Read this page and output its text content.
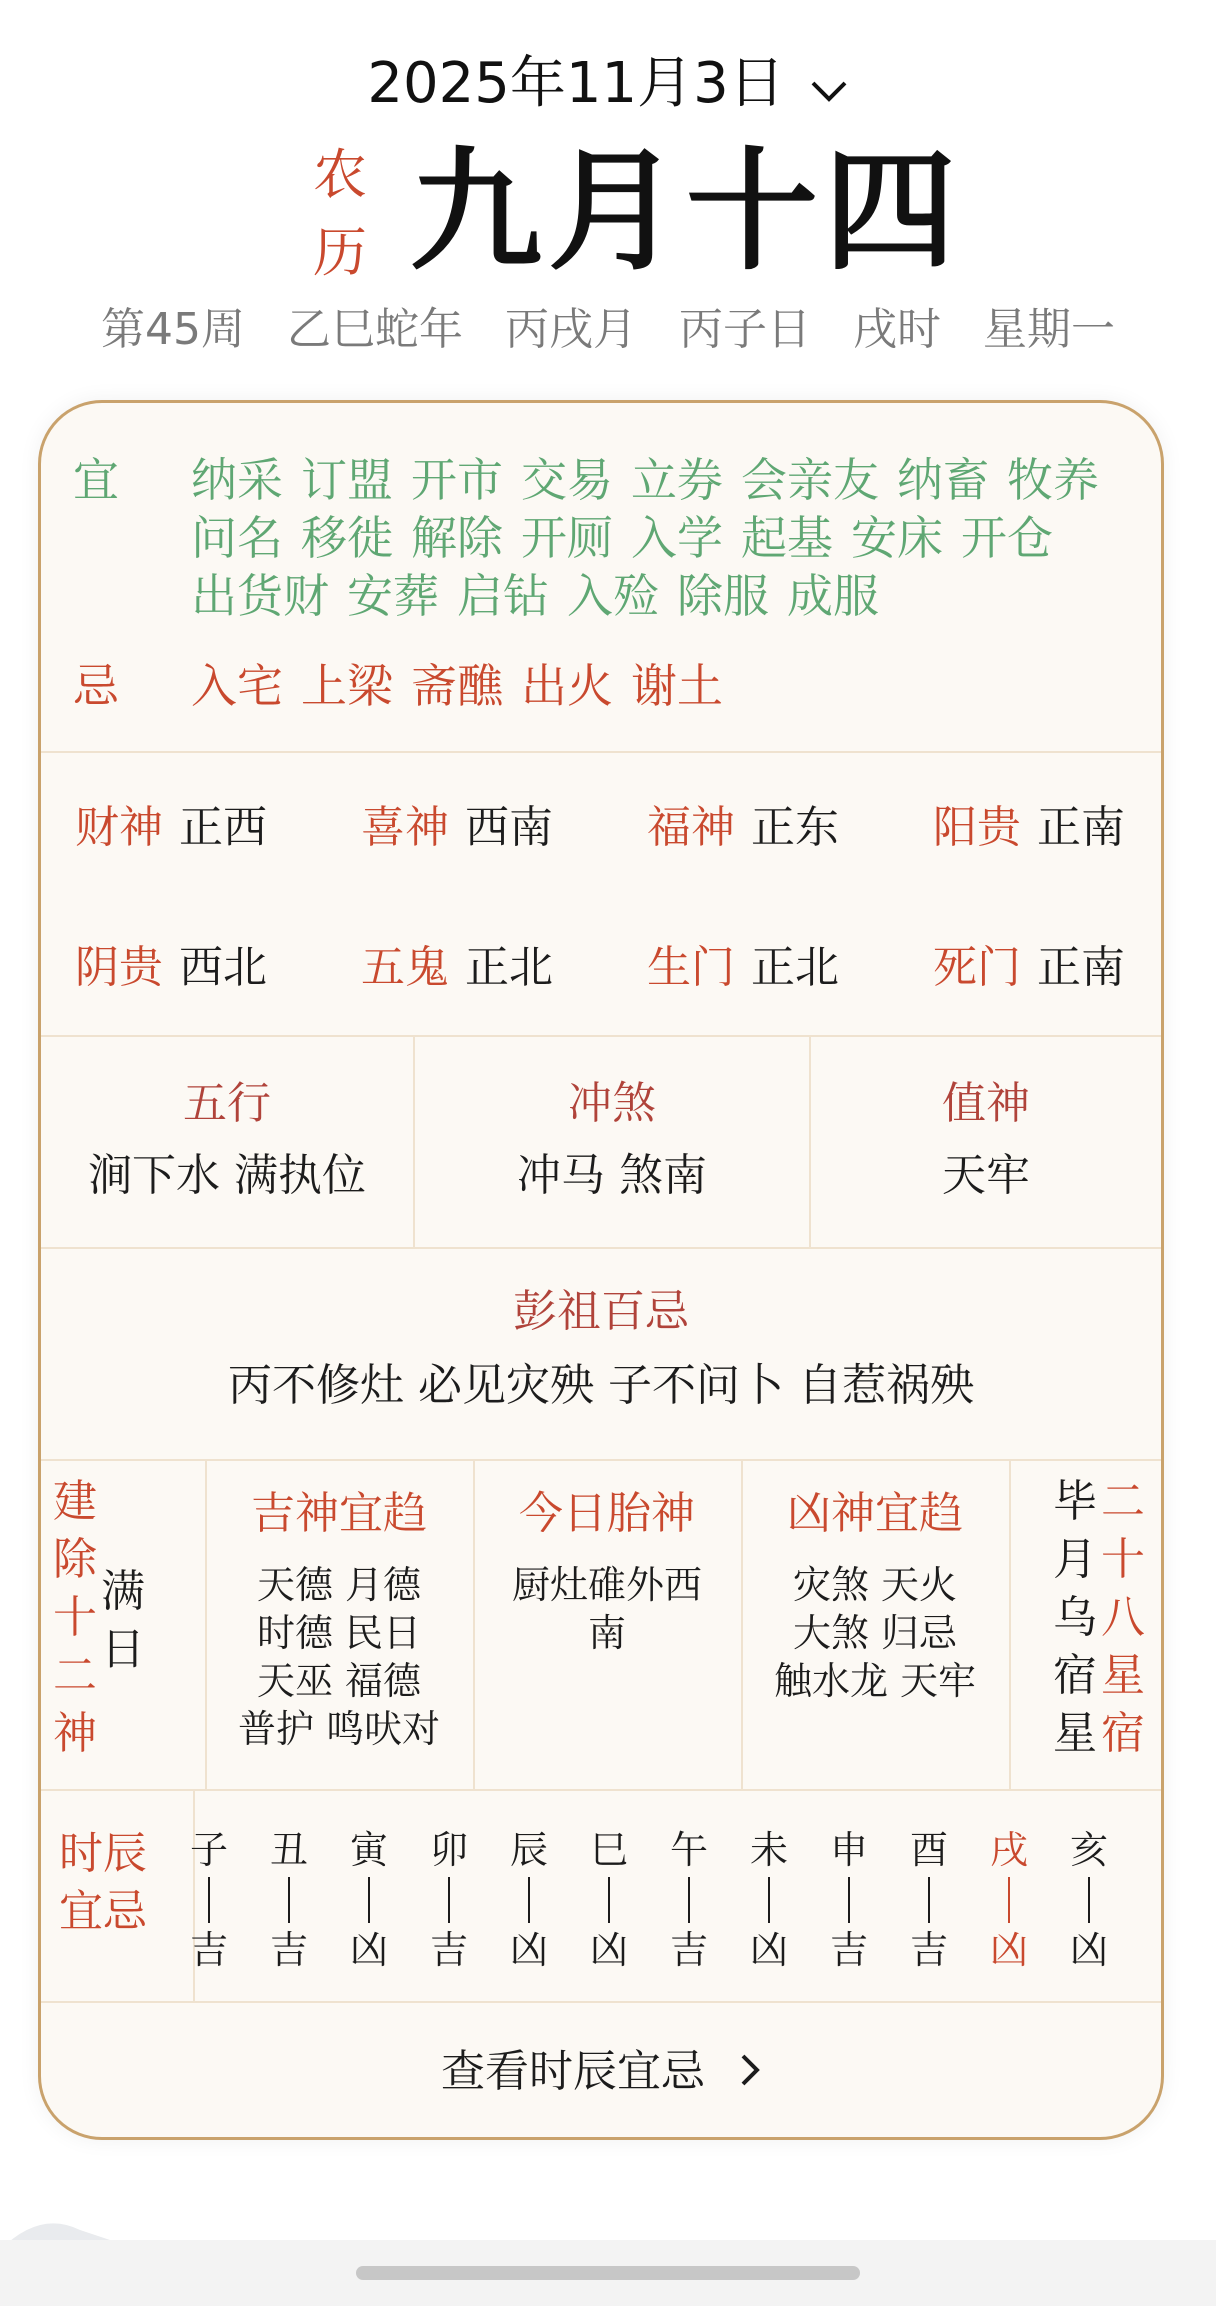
2025年11月3日
农
历 九月十四
第45周 乙巳蛇年 丙戌月 丙子日 戌时 星期一
宜 纳采 订盟 开市 交易 立券 会亲友 纳畜 牧养问名 移徙 解除 开厕 入学 起基 安床 开仓出货财 安葬 启钻 入殓 除服 成服
忌 入宅 上梁 斋醮 出火 谢土
财神 正西 喜神 西南 福神 正东 阳贵 正南
阴贵 西北 五鬼 正北 生门 正北 死门 正南
五行
涧下水 满执位
冲煞
冲马 煞南
值神
天牢
彭祖百忌
丙不修灶 必见灾殃 子不问卜 自惹祸殃
建
除
十
二
神
满
日
吉神宜趋
天德 月德
时德 民日
天巫 福德
普护 鸣吠对
今日胎神
厨灶碓外西
南
凶神宜趋
灾煞 天火
大煞 归忌
触水龙 天牢
毕
月
乌
宿
星
二
十
八
星
宿
时辰
宜忌
子
吉
丑
吉
寅
凶
卯
吉
辰
凶
巳
凶
午
吉
未
凶
申
吉
酉
吉
戌
凶
亥
凶
查看时辰宜忌
